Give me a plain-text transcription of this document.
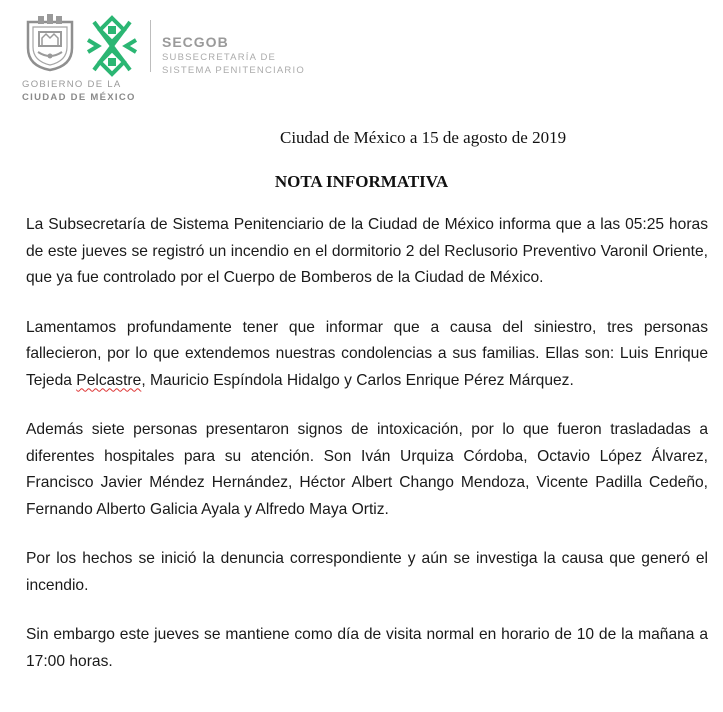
GOBIERNO DE LA
CIUDAD DE MÉXICO
SECGOB
SUBSECRETARÍA DE
SISTEMA PENITENCIARIO
Ciudad de México a 15 de agosto de 2019
NOTA INFORMATIVA

La Subsecretaría de Sistema Penitenciario de la Ciudad de México informa que a las 05:25 horas de este jueves se registró un incendio en el dormitorio 2 del Reclusorio Preventivo Varonil Oriente, que ya fue controlado por el Cuerpo de Bomberos de la Ciudad de México.

Lamentamos profundamente tener que informar que a causa del siniestro, tres personas fallecieron, por lo que extendemos nuestras condolencias a sus familias. Ellas son: Luis Enrique Tejeda Pelcastre, Mauricio Espíndola Hidalgo y Carlos Enrique Pérez Márquez.

Además siete personas presentaron signos de intoxicación, por lo que fueron trasladadas a diferentes hospitales para su atención. Son Iván Urquiza Córdoba, Octavio López Álvarez, Francisco Javier Méndez Hernández, Héctor Albert Chango Mendoza, Vicente Padilla Cedeño, Fernando Alberto Galicia Ayala y Alfredo Maya Ortiz.

Por los hechos se inició la denuncia correspondiente y aún se investiga la causa que generó el incendio.

Sin embargo este jueves se mantiene como día de visita normal en horario de 10 de la mañana a 17:00 horas.
